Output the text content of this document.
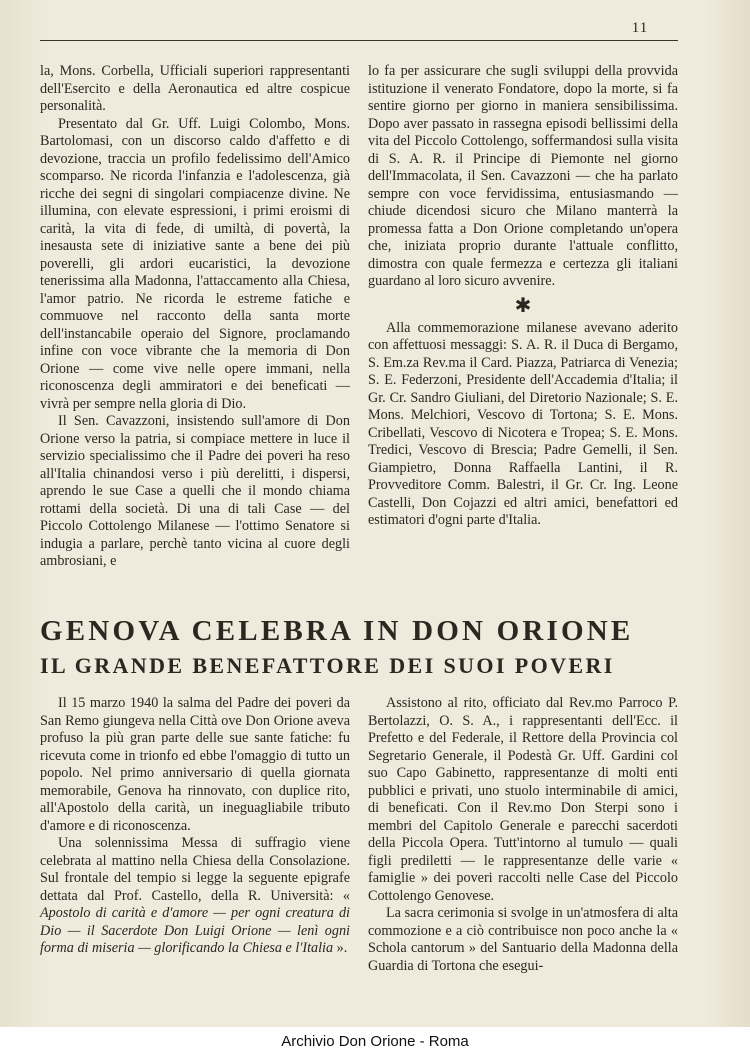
11

la, Mons. Corbella, Ufficiali superiori rappresentanti dell'Esercito e della Aeronautica ed altre cospicue personalità.

Presentato dal Gr. Uff. Luigi Colombo, Mons. Bartolomasi, con un discorso caldo d'affetto e di devozione, traccia un profilo fedelissimo dell'Amico scomparso. Ne ricorda l'infanzia e l'adolescenza, già ricche dei segni di singolari compiacenze divine. Ne illumina, con elevate espressioni, i primi eroismi di carità, la vita di fede, di umiltà, di povertà, la inesausta sete di iniziative sante a bene dei più poverelli, gli ardori eucaristici, la devozione tenerissima alla Madonna, l'attaccamento alla Chiesa, l'amor patrio. Ne ricorda le estreme fatiche e commuove nel racconto della santa morte dell'instancabile operaio del Signore, proclamando infine con voce vibrante che la memoria di Don Orione — come vive nelle opere immani, nella riconoscenza degli ammiratori e dei beneficati — vivrà per sempre nella gloria di Dio.

Il Sen. Cavazzoni, insistendo sull'amore di Don Orione verso la patria, si compiace mettere in luce il servizio specialissimo che il Padre dei poveri ha reso all'Italia chinandosi verso i più derelitti, i dispersi, aprendo le sue Case a quelli che il mondo chiama rottami della società. Di una di tali Case — del Piccolo Cottolengo Milanese — l'ottimo Senatore si indugia a parlare, perchè tanto vicina al cuore degli ambrosiani, e

lo fa per assicurare che sugli sviluppi della provvida istituzione il venerato Fondatore, dopo la morte, si fa sentire giorno per giorno in maniera sensibilissima. Dopo aver passato in rassegna episodi bellissimi della vita del Piccolo Cottolengo, soffermandosi sulla visita di S. A. R. il Principe di Piemonte nel giorno dell'Immacolata, il Sen. Cavazzoni — che ha parlato sempre con voce fervidissima, entusiasmando — chiude dicendosi sicuro che Milano manterrà la promessa fatta a Don Orione completando un'opera che, iniziata proprio durante l'attuale conflitto, dimostra con quale fermezza e certezza gli italiani guardano al loro sicuro avvenire.

✱

Alla commemorazione milanese avevano aderito con affettuosi messaggi: S. A. R. il Duca di Bergamo, S. Em.za Rev.ma il Card. Piazza, Patriarca di Venezia; S. E. Federzoni, Presidente dell'Accademia d'Italia; il Gr. Cr. Sandro Giuliani, del Diretorio Nazionale; S. E. Mons. Melchiori, Vescovo di Tortona; S. E. Mons. Cribellati, Vescovo di Nicotera e Tropea; S. E. Mons. Tredici, Vescovo di Brescia; Padre Gemelli, il Sen. Giampietro, Donna Raffaella Lantini, il R. Provveditore Comm. Balestri, il Gr. Cr. Ing. Leone Castelli, Don Cojazzi ed altri amici, benefattori ed estimatori d'ogni parte d'Italia.

GENOVA CELEBRA IN DON ORIONE
IL GRANDE BENEFATTORE DEI SUOI POVERI

Il 15 marzo 1940 la salma del Padre dei poveri da San Remo giungeva nella Città ove Don Orione aveva profuso la più gran parte delle sue sante fatiche: fu ricevuta come in trionfo ed ebbe l'omaggio di tutto un popolo. Nel primo anniversario di quella giornata memorabile, Genova ha rinnovato, con duplice rito, all'Apostolo della carità, un ineguagliabile tributo d'amore e di riconoscenza.

Una solennissima Messa di suffragio viene celebrata al mattino nella Chiesa della Consolazione. Sul frontale del tempio si legge la seguente epigrafe dettata dal Prof. Castello, della R. Università: « Apostolo di carità e d'amore — per ogni creatura di Dio — il Sacerdote Don Luigi Orione — lenì ogni forma di miseria — glorificando la Chiesa e l'Italia ».

Assistono al rito, officiato dal Rev.mo Parroco P. Bertolazzi, O. S. A., i rappresentanti dell'Ecc. il Prefetto e del Federale, il Rettore della Provincia col Segretario Generale, il Podestà Gr. Uff. Gardini col suo Capo Gabinetto, rappresentanze di molti enti pubblici e privati, uno stuolo interminabile di amici, di beneficati. Con il Rev.mo Don Sterpi sono i membri del Capitolo Generale e parecchi sacerdoti della Piccola Opera. Tutt'intorno al tumulo — quali figli prediletti — le rappresentanze delle varie « famiglie » dei poveri raccolti nelle Case del Piccolo Cottolengo Genovese.

La sacra cerimonia si svolge in un'atmosfera di alta commozione e a ciò contribuisce non poco anche la « Schola cantorum » del Santuario della Madonna della Guardia di Tortona che esegui-

Archivio Don Orione - Roma
